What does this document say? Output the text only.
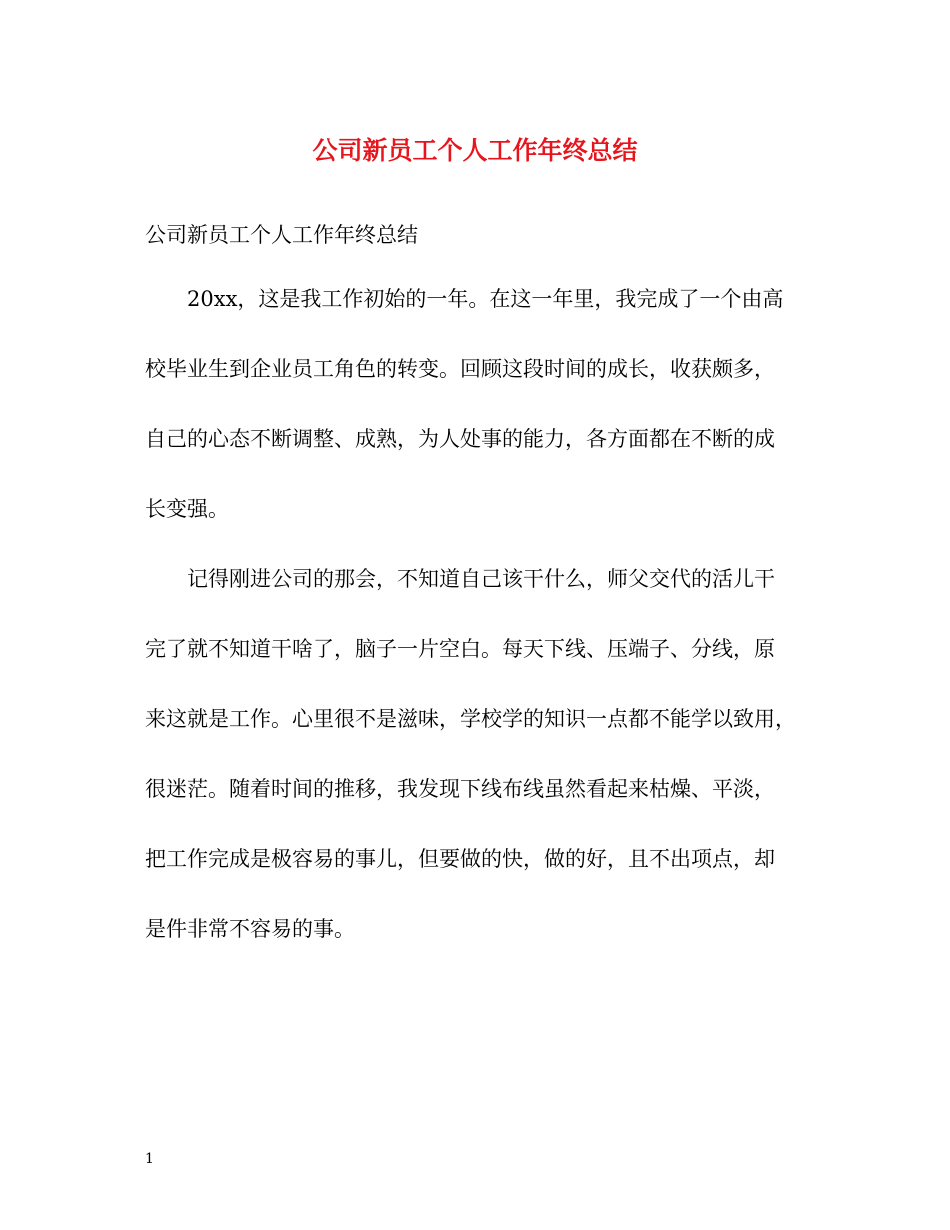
公司新员工个人工作年终总结

公司新员工个人工作年终总结

20xx，这是我工作初始的一年。在这一年里，我完成了一个由高
校毕业生到企业员工角色的转变。回顾这段时间的成长，收获颇多，
自己的心态不断调整、成熟，为人处事的能力，各方面都在不断的成
长变强。
记得刚进公司的那会，不知道自己该干什么，师父交代的活儿干
完了就不知道干啥了，脑子一片空白。每天下线、压端子、分线，原
来这就是工作。心里很不是滋味，学校学的知识一点都不能学以致用，
很迷茫。随着时间的推移，我发现下线布线虽然看起来枯燥、平淡，
把工作完成是极容易的事儿，但要做的快，做的好，且不出项点，却
是件非常不容易的事。

1
